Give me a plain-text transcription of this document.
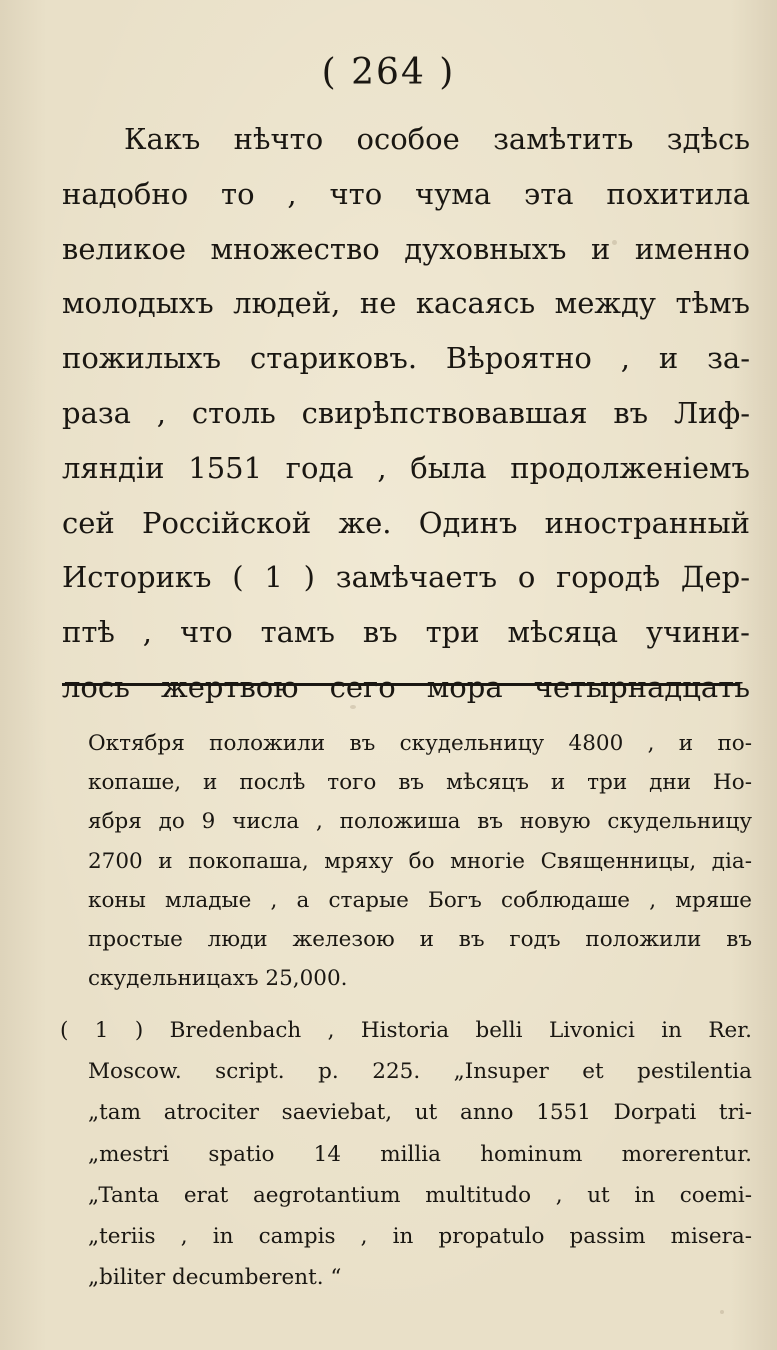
( 264 )
Какъ нѣчто особое замѣтить здѣсь
надобно то , что чума эта похитила
великое множество духовныхъ и именно
молодыхъ людей, не касаясь между тѣмъ
пожилыхъ стариковъ. Вѣроятно , и за-
раза , столь свирѣпствовавшая въ Лиф-
ляндіи 1551 года , была продолженіемъ
сей Россійской же. Одинъ иностранный
Историкъ ( 1 ) замѣчаетъ о городѣ Дер-
птѣ , что тамъ въ три мѣсяца учини-
лось жертвою сего мора четырнадцать
Октября положили въ скудельницу 4800 , и по-
копаше, и послѣ того въ мѣсяцъ и три дни Но-
ября до 9 числа , положиша въ новую скудельницу
2700 и покопаша, мряху бо многіе Священницы, діа-
коны младые , а старые Богъ соблюдаше , мряше
простые люди железою и въ годъ положили въ
скудельницахъ 25,000.
( 1 ) Bredenbach , Historia belli Livonici in Rer.
Moscow. script. p. 225. „Insuper et pestilentia
„tam atrociter saeviebat, ut anno 1551 Dorpati tri-
„mestri spatio 14 millia hominum morerentur.
„Tanta erat aegrotantium multitudo , ut in coemi-
„teriis , in campis , in propatulo passim misera-
„biliter decumberent. “
